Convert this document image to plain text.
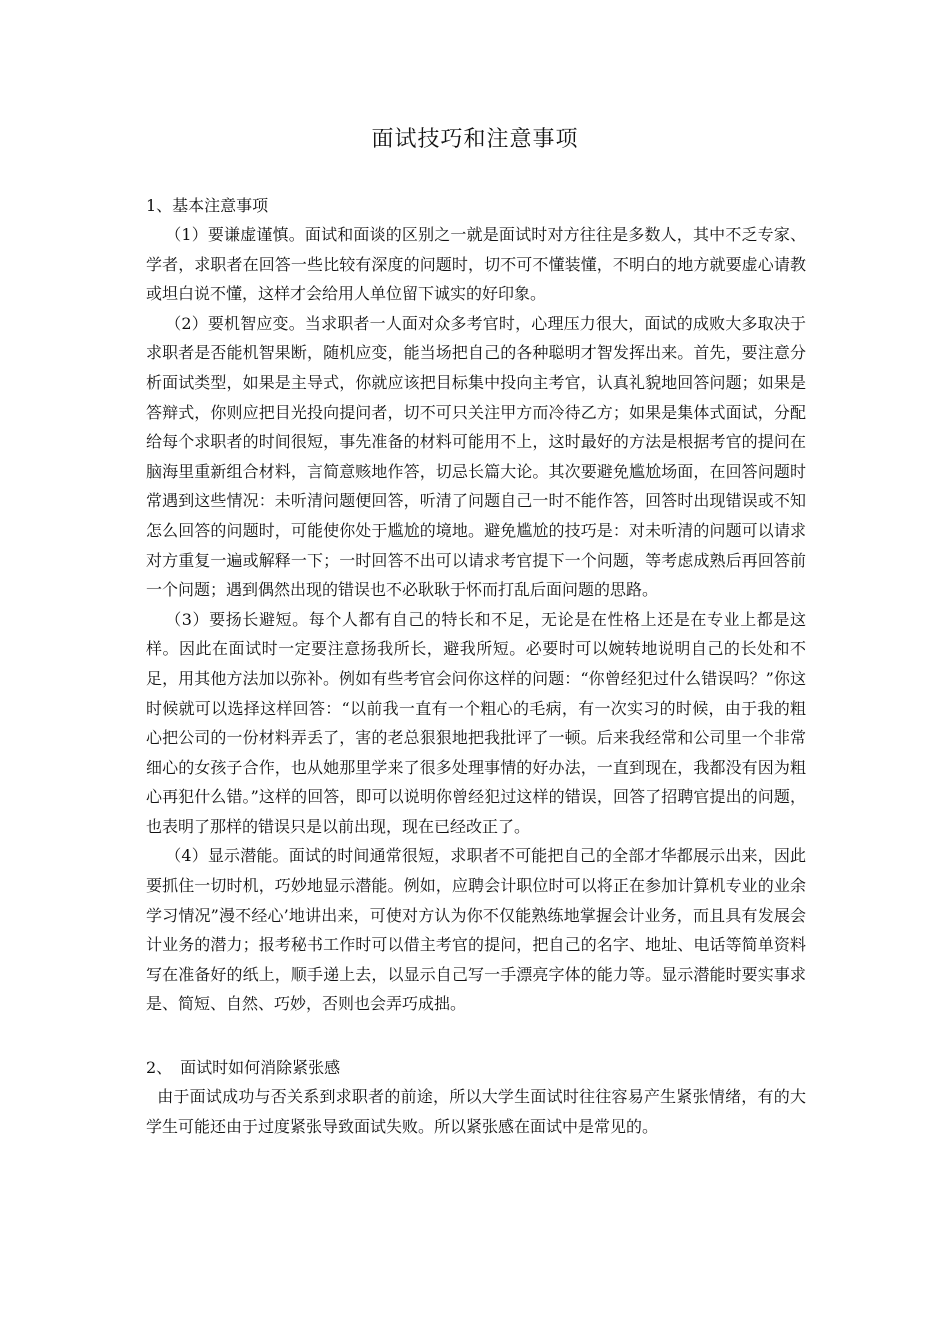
面试技巧和注意事项

1、基本注意事项

（1）要谦虚谨慎。面试和面谈的区别之一就是面试时对方往往是多数人，其中不乏专家、学者，求职者在回答一些比较有深度的问题时，切不可不懂装懂，不明白的地方就要虚心请教或坦白说不懂，这样才会给用人单位留下诚实的好印象。

（2）要机智应变。当求职者一人面对众多考官时，心理压力很大，面试的成败大多取决于求职者是否能机智果断，随机应变，能当场把自己的各种聪明才智发挥出来。首先，要注意分析面试类型，如果是主导式，你就应该把目标集中投向主考官，认真礼貌地回答问题；如果是答辩式，你则应把目光投向提问者，切不可只关注甲方而冷待乙方；如果是集体式面试，分配给每个求职者的时间很短，事先准备的材料可能用不上，这时最好的方法是根据考官的提问在脑海里重新组合材料，言简意赅地作答，切忌长篇大论。其次要避免尴尬场面，在回答问题时常遇到这些情况：未听清问题便回答，听清了问题自己一时不能作答，回答时出现错误或不知怎么回答的问题时，可能使你处于尴尬的境地。避免尴尬的技巧是：对未听清的问题可以请求对方重复一遍或解释一下；一时回答不出可以请求考官提下一个问题，等考虑成熟后再回答前一个问题；遇到偶然出现的错误也不必耿耿于怀而打乱后面问题的思路。

（3）要扬长避短。每个人都有自己的特长和不足，无论是在性格上还是在专业上都是这样。因此在面试时一定要注意扬我所长，避我所短。必要时可以婉转地说明自己的长处和不足，用其他方法加以弥补。例如有些考官会问你这样的问题：“你曾经犯过什么错误吗？”你这时候就可以选择这样回答：“以前我一直有一个粗心的毛病，有一次实习的时候，由于我的粗心把公司的一份材料弄丢了，害的老总狠狠地把我批评了一顿。后来我经常和公司里一个非常细心的女孩子合作，也从她那里学来了很多处理事情的好办法，一直到现在，我都没有因为粗心再犯什么错。”这样的回答，即可以说明你曾经犯过这样的错误，回答了招聘官提出的问题，也表明了那样的错误只是以前出现，现在已经改正了。

（4）显示潜能。面试的时间通常很短，求职者不可能把自己的全部才华都展示出来，因此要抓住一切时机，巧妙地显示潜能。例如，应聘会计职位时可以将正在参加计算机专业的业余学习情况”漫不经心’地讲出来，可使对方认为你不仅能熟练地掌握会计业务，而且具有发展会计业务的潜力；报考秘书工作时可以借主考官的提问，把自己的名字、地址、电话等简单资料写在准备好的纸上，顺手递上去，以显示自己写一手漂亮字体的能力等。显示潜能时要实事求是、简短、自然、巧妙，否则也会弄巧成拙。

2、　面试时如何消除紧张感

由于面试成功与否关系到求职者的前途，所以大学生面试时往往容易产生紧张情绪，有的大学生可能还由于过度紧张导致面试失败。所以紧张感在面试中是常见的。
